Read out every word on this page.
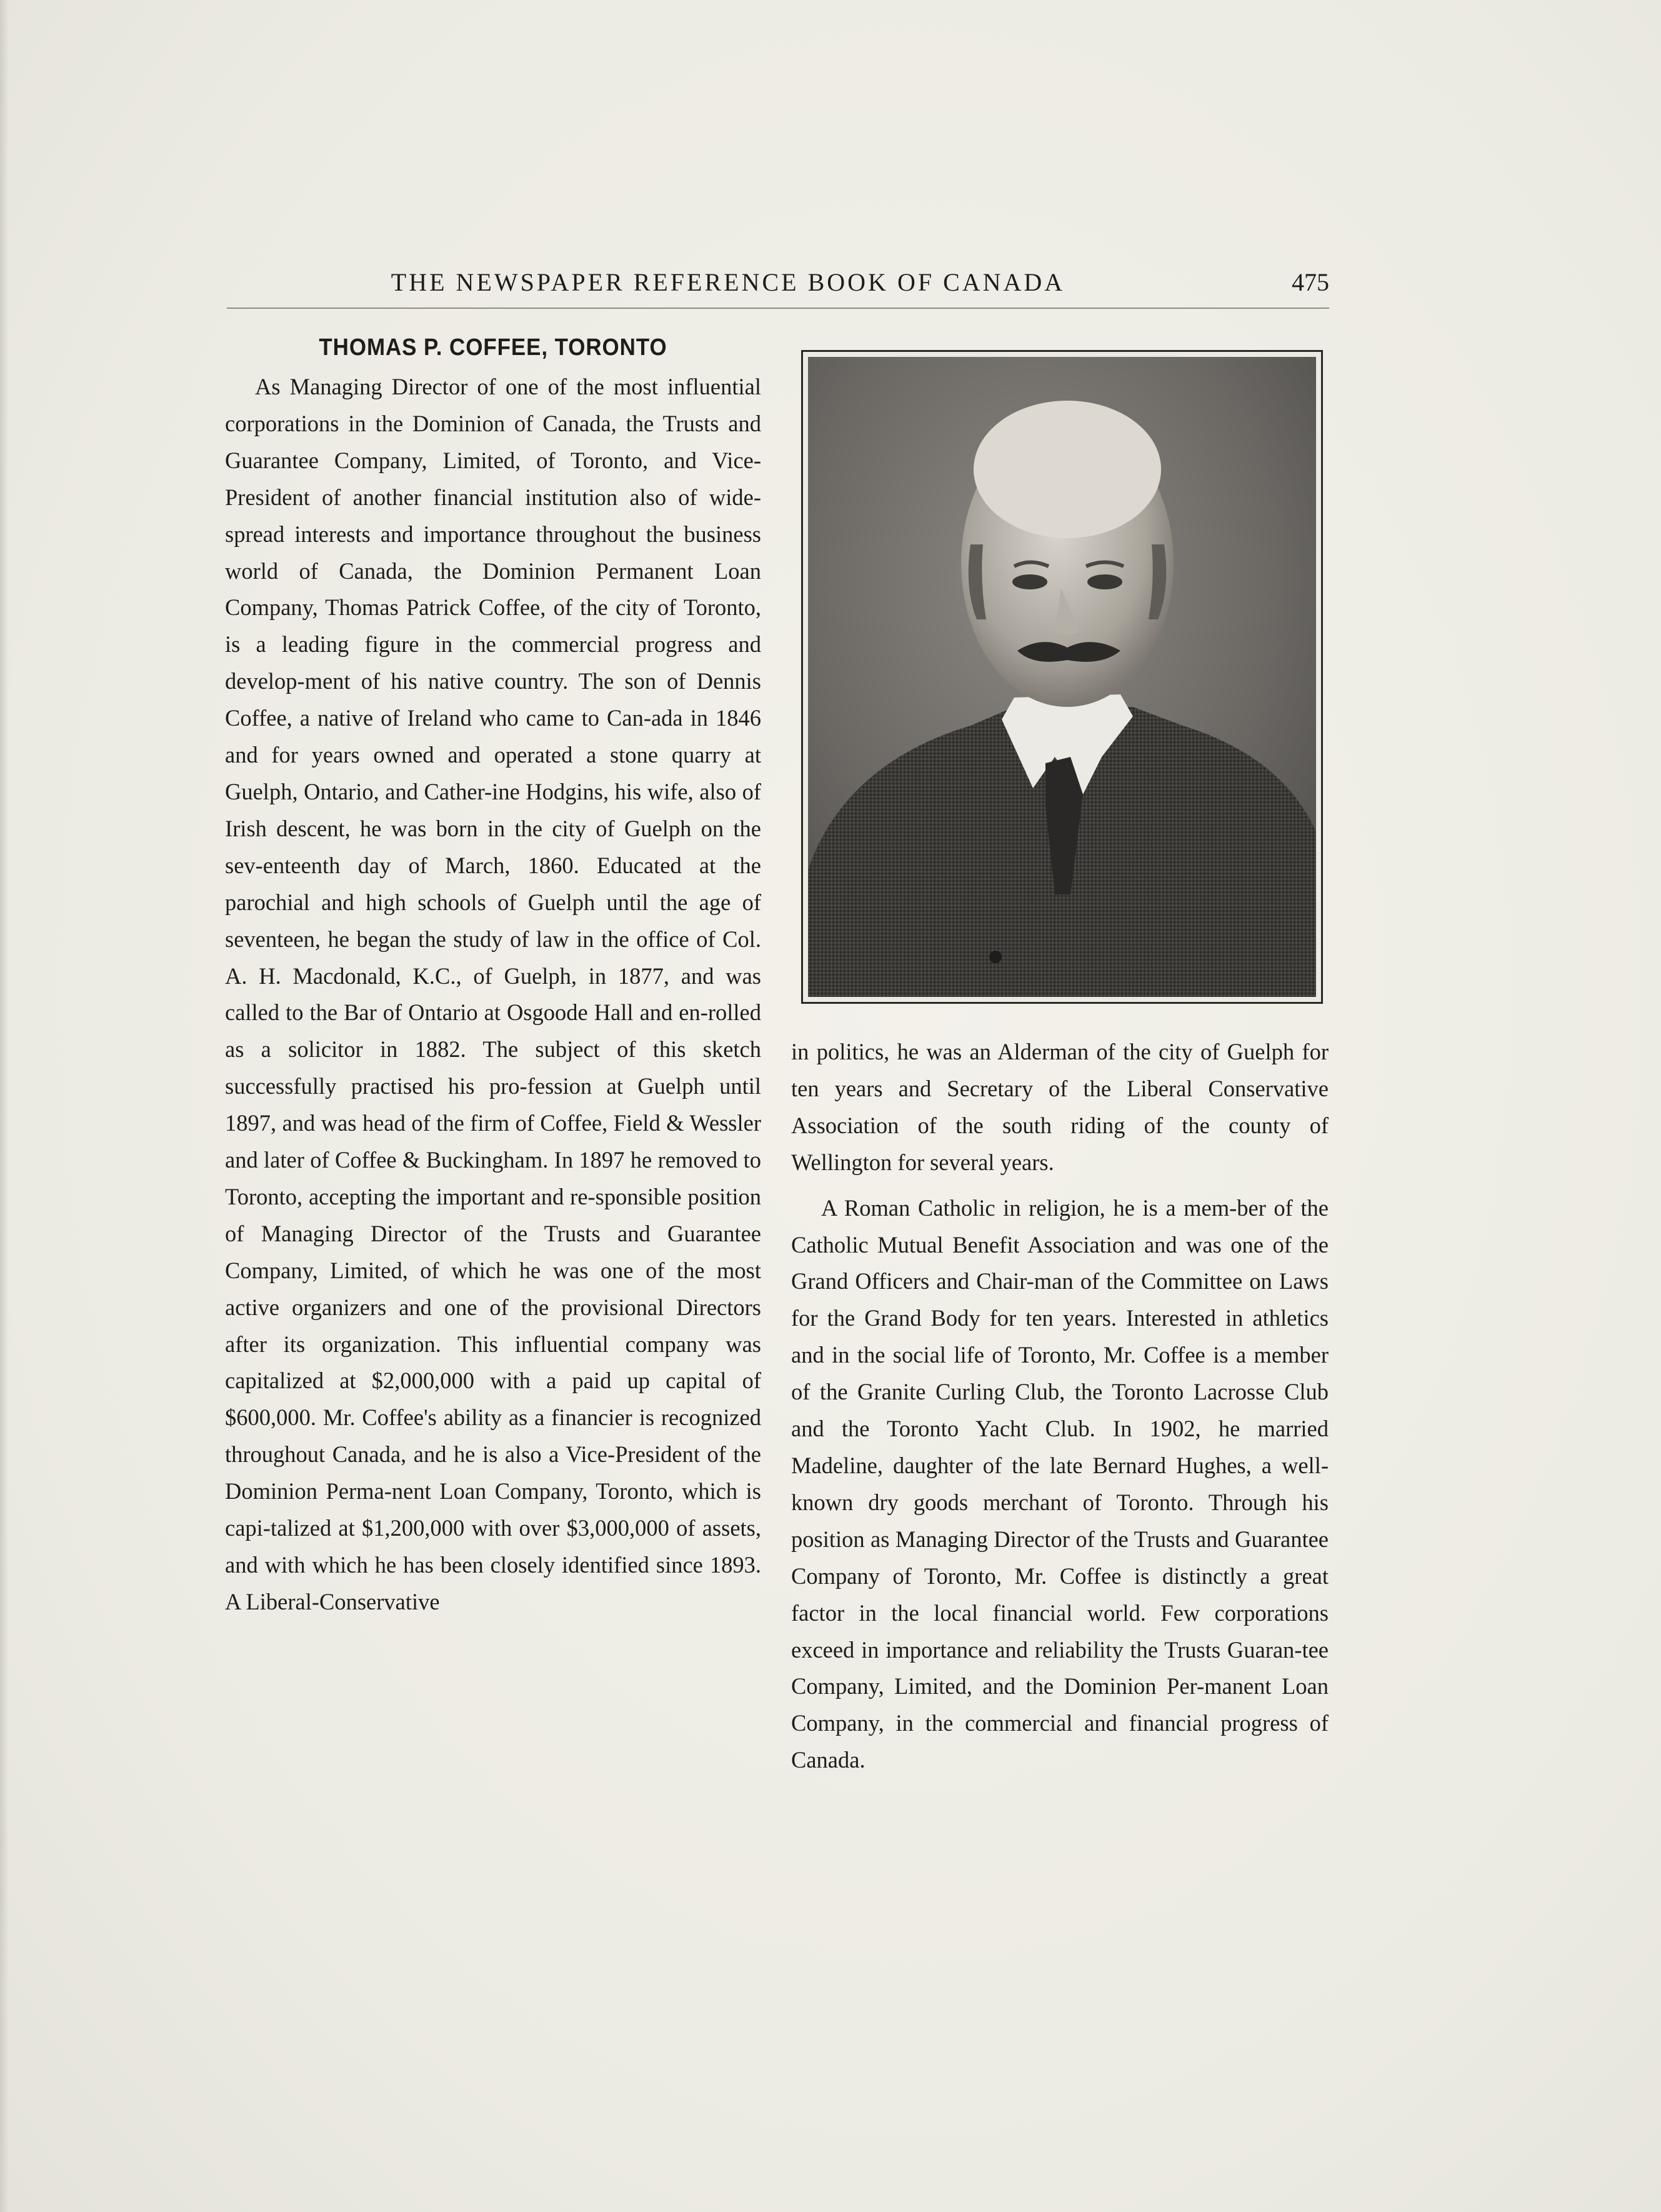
THE NEWSPAPER REFERENCE BOOK OF CANADA	475
THOMAS P. COFFEE, TORONTO

As Managing Director of one of the most influential corporations in the Dominion of Canada, the Trusts and Guarantee Company, Limited, of Toronto, and Vice-President of another financial institution also of wide-spread interests and importance throughout the business world of Canada, the Dominion Permanent Loan Company, Thomas Patrick Coffee, of the city of Toronto, is a leading figure in the commercial progress and develop-ment of his native country. The son of Dennis Coffee, a native of Ireland who came to Can-ada in 1846 and for years owned and operated a stone quarry at Guelph, Ontario, and Cather-ine Hodgins, his wife, also of Irish descent, he was born in the city of Guelph on the sev-enteenth day of March, 1860. Educated at the parochial and high schools of Guelph until the age of seventeen, he began the study of law in the office of Col. A. H. Macdonald, K.C., of Guelph, in 1877, and was called to the Bar of Ontario at Osgoode Hall and en-rolled as a solicitor in 1882. The subject of this sketch successfully practised his pro-fession at Guelph until 1897, and was head of the firm of Coffee, Field & Wessler and later of Coffee & Buckingham. In 1897 he removed to Toronto, accepting the important and re-sponsible position of Managing Director of the Trusts and Guarantee Company, Limited, of which he was one of the most active organizers and one of the provisional Directors after its organization. This influential company was capitalized at $2,000,000 with a paid up capital of $600,000. Mr. Coffee's ability as a financier is recognized throughout Canada, and he is also a Vice-President of the Dominion Perma-nent Loan Company, Toronto, which is capi-talized at $1,200,000 with over $3,000,000 of assets, and with which he has been closely identified since 1893. A Liberal-Conservative

in politics, he was an Alderman of the city of Guelph for ten years and Secretary of the Liberal Conservative Association of the south riding of the county of Wellington for several years.

A Roman Catholic in religion, he is a mem-ber of the Catholic Mutual Benefit Association and was one of the Grand Officers and Chair-man of the Committee on Laws for the Grand Body for ten years. Interested in athletics and in the social life of Toronto, Mr. Coffee is a member of the Granite Curling Club, the Toronto Lacrosse Club and the Toronto Yacht Club. In 1902, he married Madeline, daughter of the late Bernard Hughes, a well-known dry goods merchant of Toronto. Through his position as Managing Director of the Trusts and Guarantee Company of Toronto, Mr. Coffee is distinctly a great factor in the local financial world. Few corporations exceed in importance and reliability the Trusts Guaran-tee Company, Limited, and the Dominion Per-manent Loan Company, in the commercial and financial progress of Canada.
